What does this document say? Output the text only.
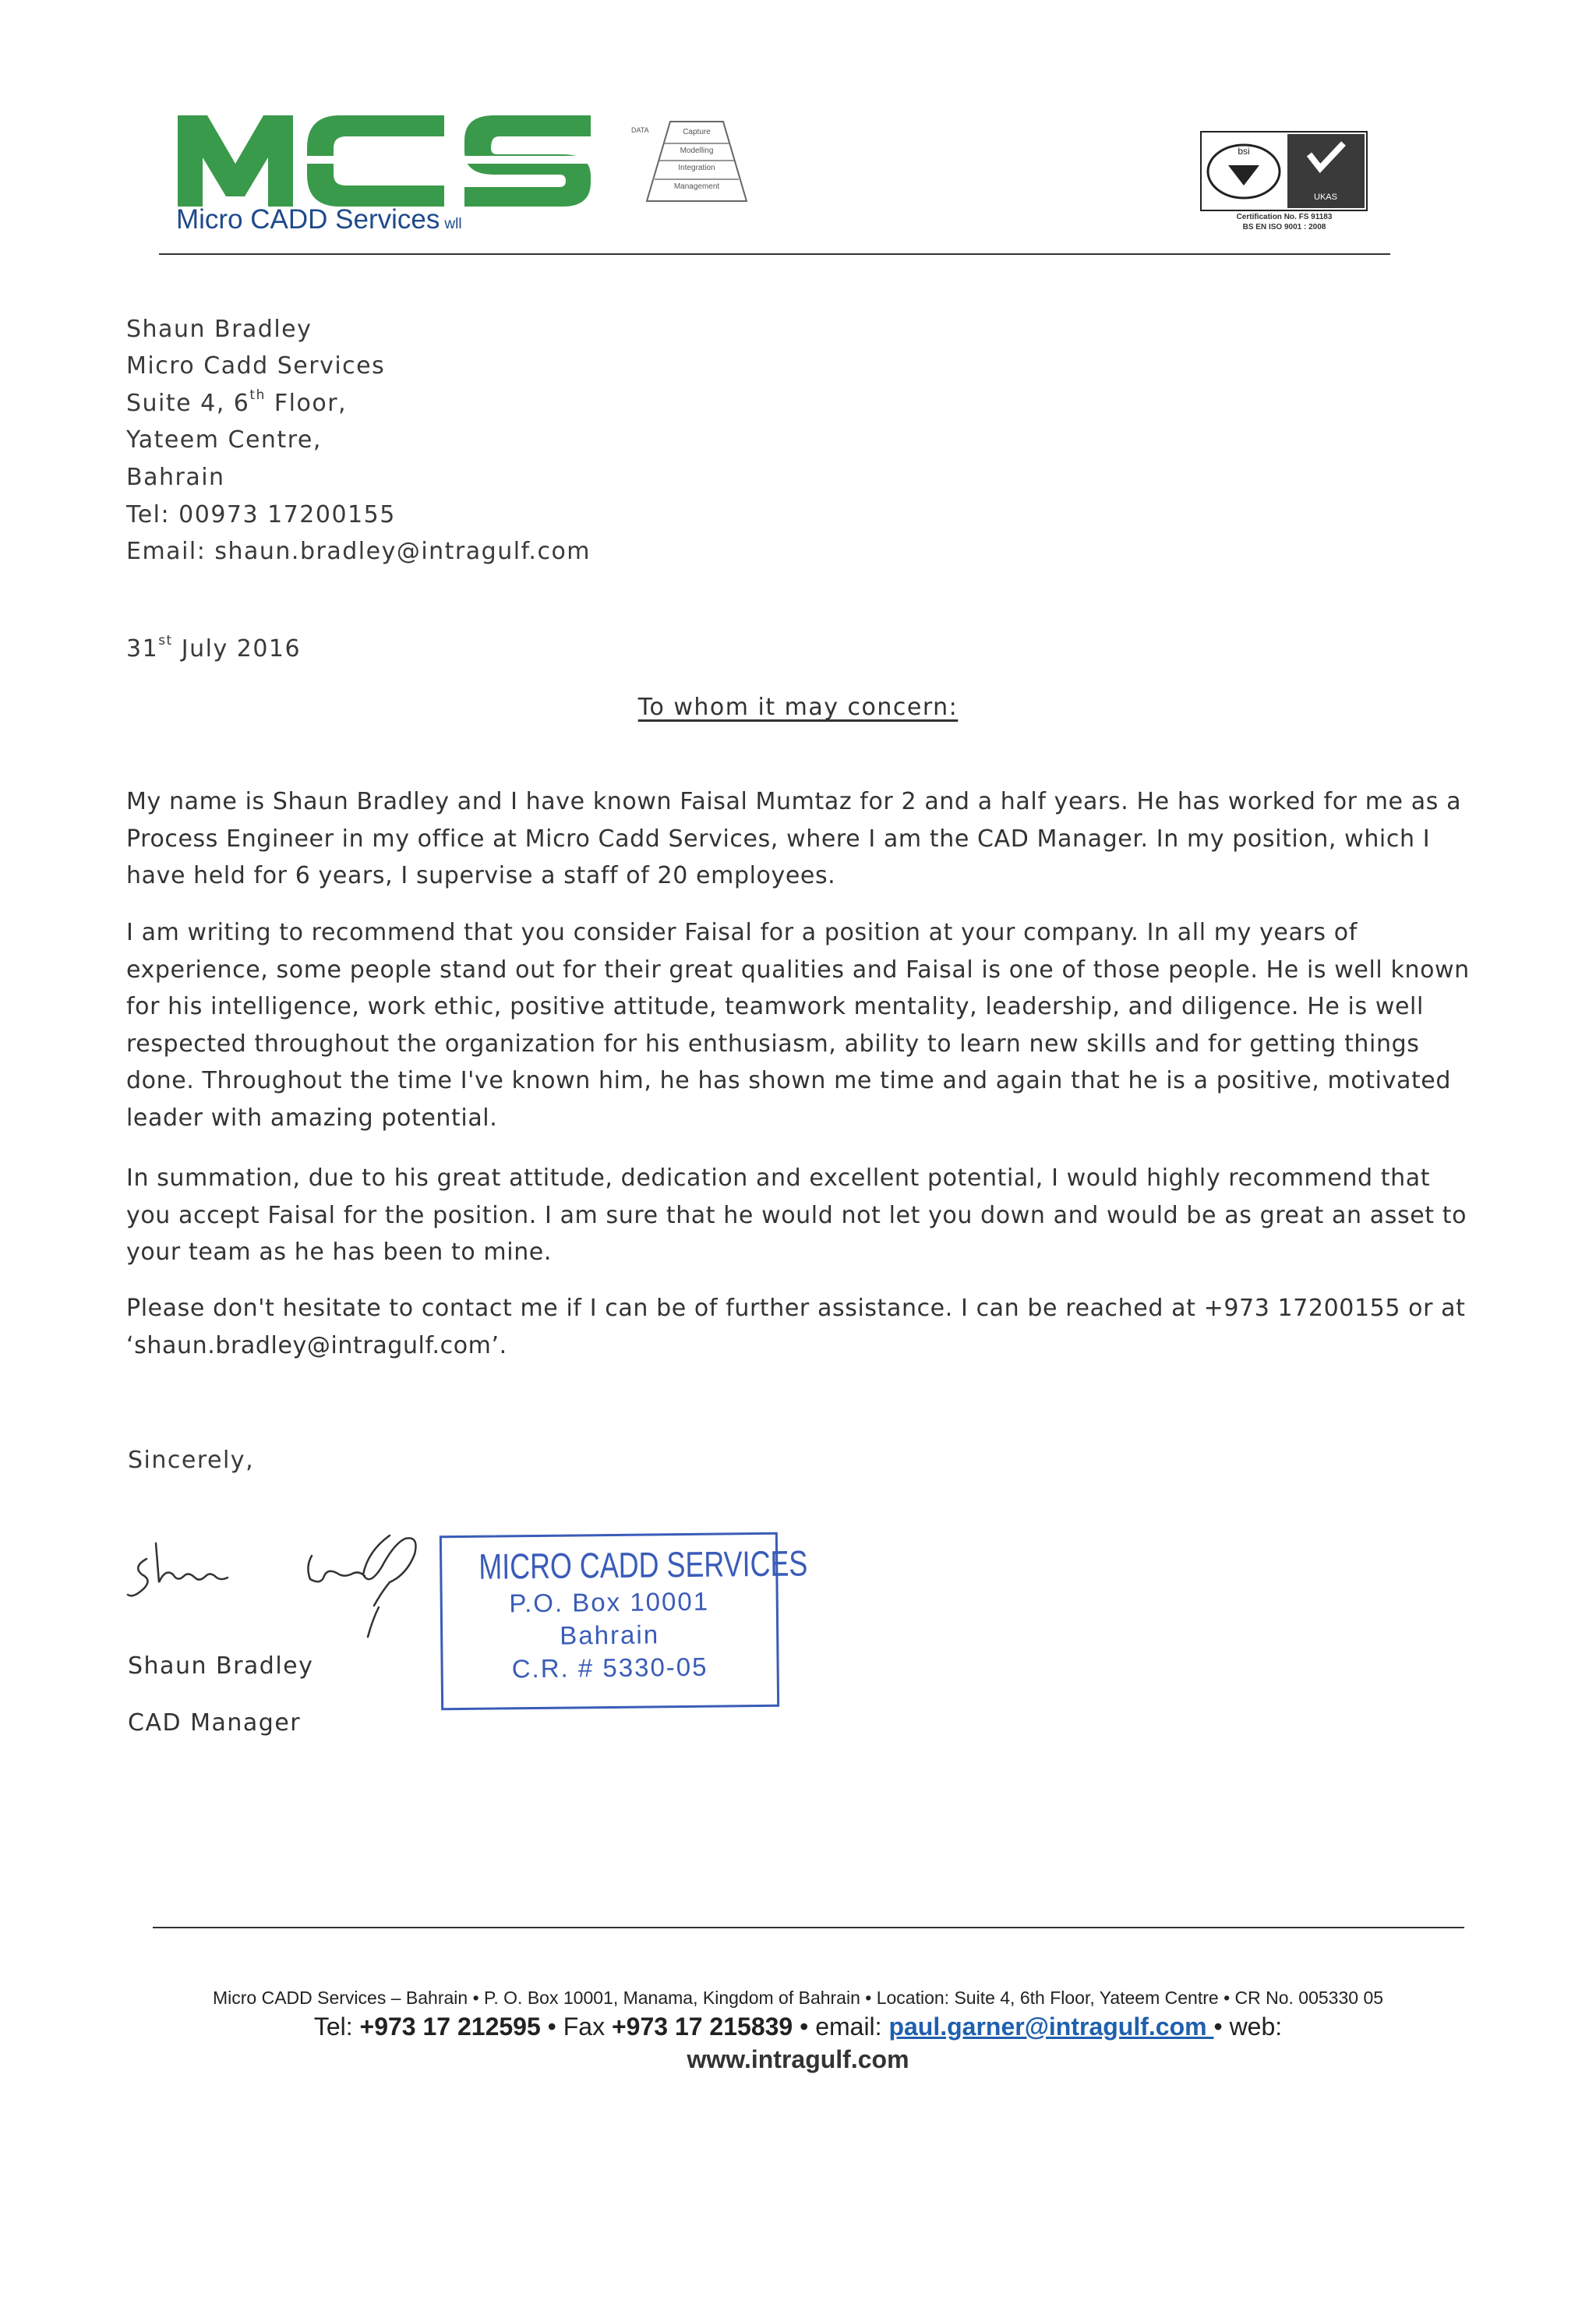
Micro CADD Services wll
DATA	Capture
Modelling
Integration
Management
bsi
UKAS
Certification No. FS 91183
BS EN ISO 9001 : 2008
Shaun Bradley
Micro Cadd Services
Suite 4, 6th Floor,
Yateem Centre,
Bahrain
Tel: 00973 17200155
Email: shaun.bradley@intragulf.com
31st July 2016
To whom it may concern:
My name is Shaun Bradley and I have known Faisal Mumtaz for 2 and a half years. He has worked for me as a Process Engineer in my office at Micro Cadd Services, where I am the CAD Manager. In my position, which I have held for 6 years, I supervise a staff of 20 employees.
I am writing to recommend that you consider Faisal for a position at your company. In all my years of experience, some people stand out for their great qualities and Faisal is one of those people. He is well known for his intelligence, work ethic, positive attitude, teamwork mentality, leadership, and diligence. He is well respected throughout the organization for his enthusiasm, ability to learn new skills and for getting things done. Throughout the time I've known him, he has shown me time and again that he is a positive, motivated leader with amazing potential.
In summation, due to his great attitude, dedication and excellent potential, I would highly recommend that you accept Faisal for the position. I am sure that he would not let you down and would be as great an asset to your team as he has been to mine.
Please don't hesitate to contact me if I can be of further assistance. I can be reached at +973 17200155 or at ‘shaun.bradley@intragulf.com’.
Sincerely,
MICRO CADD SERVICES
P.O. Box 10001
Bahrain
C.R. # 5330-05
Shaun Bradley
CAD Manager
Micro CADD Services – Bahrain • P. O. Box 10001, Manama, Kingdom of Bahrain • Location: Suite 4, 6th Floor, Yateem Centre • CR No. 005330 05
Tel: +973 17 212595 • Fax +973 17 215839 • email: paul.garner@intragulf.com • web:
www.intragulf.com
